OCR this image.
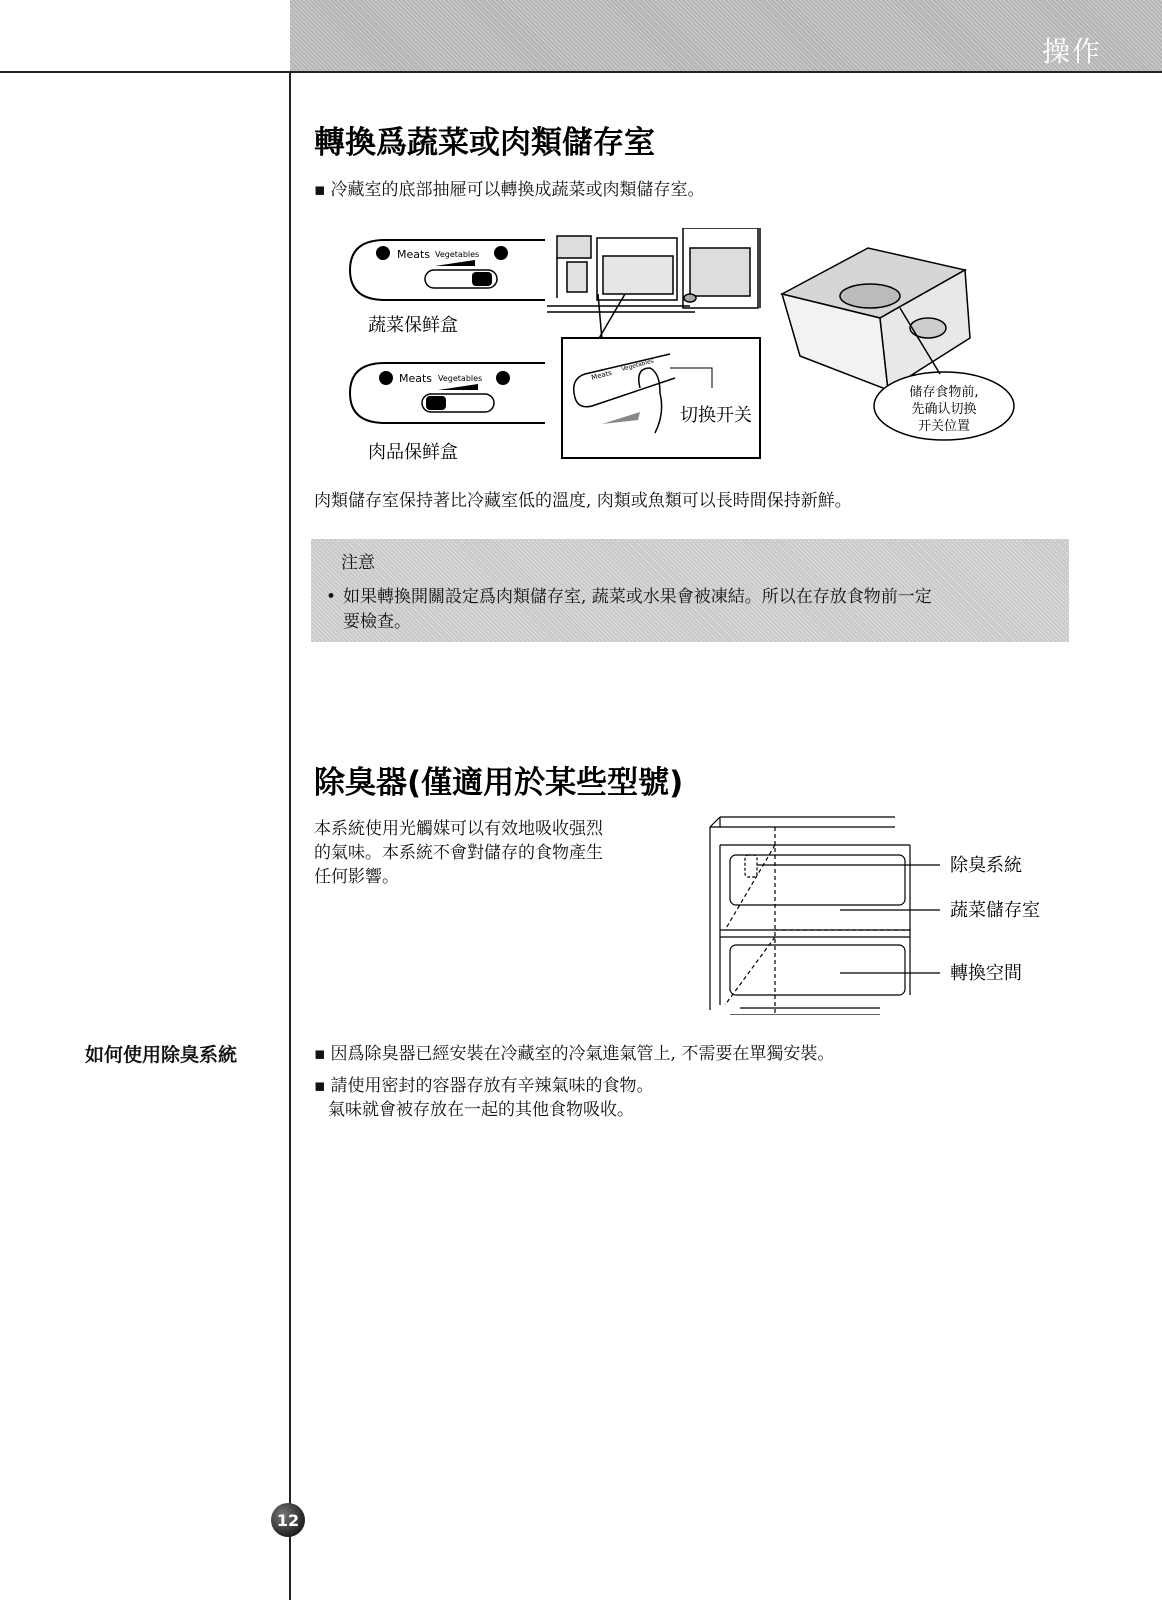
操作
轉換爲蔬菜或肉類儲存室
▪ 冷藏室的底部抽屜可以轉換成蔬菜或肉類儲存室。
Meats Vegetables
蔬菜保鲜盒
Meats Vegetables
肉品保鲜盒
Meats
Vegetables
切换开关
储存食物前,
先确认切换
开关位置
肉類儲存室保持著比冷藏室低的溫度, 肉類或魚類可以長時間保持新鮮。
注意
• 如果轉換開關設定爲肉類儲存室, 蔬菜或水果會被凍結。所以在存放食物前一定
要檢查。
除臭器(僅適用於某些型號)
本系統使用光觸媒可以有效地吸收强烈
的氣味。本系統不會對儲存的食物產生
任何影響。
除臭系統
蔬菜儲存室
轉換空間
如何使用除臭系統
▪	因爲除臭器已經安裝在冷藏室的冷氣進氣管上, 不需要在單獨安裝。
▪ 請使用密封的容器存放有辛辣氣味的食物。
氣味就會被存放在一起的其他食物吸收。
12
